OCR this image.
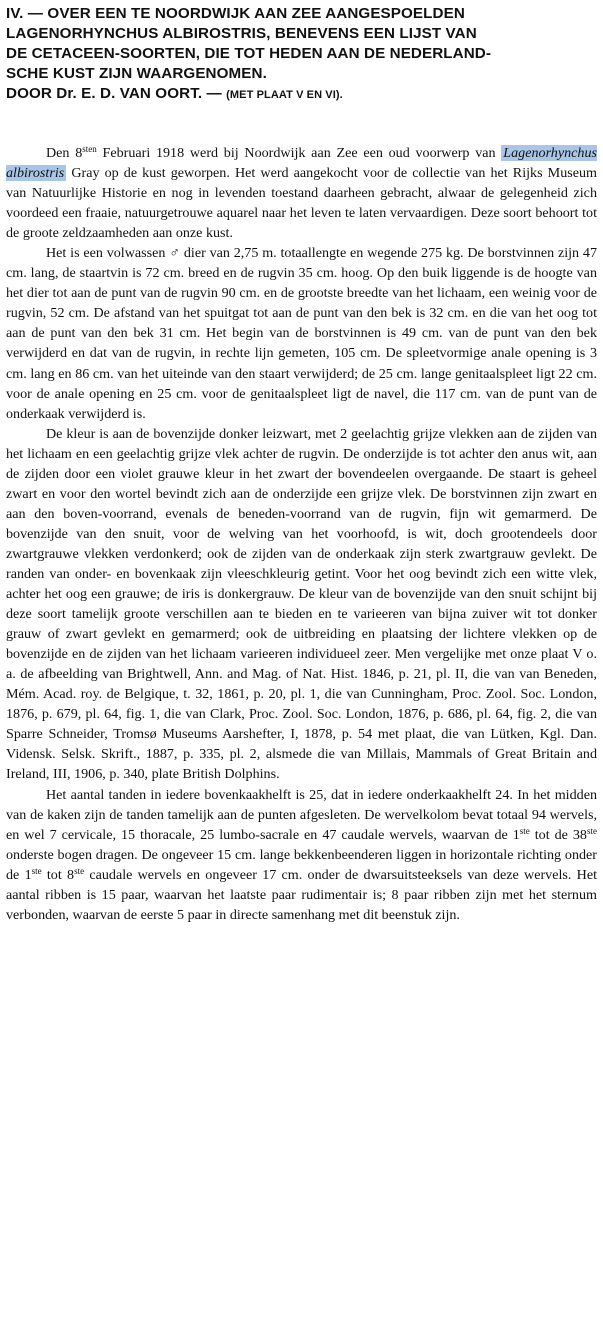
IV. — OVER EEN TE NOORDWIJK AAN ZEE AANGESPOELDEN
LAGENORHYNCHUS ALBIROSTRIS, BENEVENS EEN LIJST VAN
DE CETACEEN-SOORTEN, DIE TOT HEDEN AAN DE NEDERLAND-
SCHE KUST ZIJN WAARGENOMEN.
DOOR Dr. E. D. VAN OORT. — (MET PLAAT V EN VI).

Den $8^{sten}$ Februari 1918 werd bij Noordwijk aan Zee een oud voorwerp van Lagenorhynchus albirostris Gray op de kust geworpen. Het werd aangekocht voor de collectie van het Rijks Museum van Natuurlijke Historie en nog in levenden toestand daarheen gebracht, alwaar de gelegenheid zich voordeed een fraaie, natuurgetrouwe aquarel naar het leven te laten vervaardigen. Deze soort behoort tot de groote zeldzaamheden aan onze kust.

Het is een volwassen ♂ dier van 2,75 m. totaallengte en wegende 275 kg. De borstvinnen zijn 47 cm. lang, de staartvin is 72 cm. breed en de rugvin 35 cm. hoog. Op den buik liggende is de hoogte van het dier tot aan de punt van de rugvin 90 cm. en de grootste breedte van het lichaam, een weinig voor de rugvin, 52 cm. De afstand van het spuitgat tot aan de punt van den bek is 32 cm. en die van het oog tot aan de punt van den bek 31 cm. Het begin van de borstvinnen is 49 cm. van de punt van den bek verwijderd en dat van de rugvin, in rechte lijn gemeten, 105 cm. De spleetvormige anale opening is 3 cm. lang en 86 cm. van het uiteinde van den staart verwijderd; de 25 cm. lange genitaalspleet ligt 22 cm. voor de anale opening en 25 cm. voor de genitaalspleet ligt de navel, die 117 cm. van de punt van de onderkaak verwijderd is.

De kleur is aan de bovenzijde donker leizwart, met 2 geelachtig grijze vlekken aan de zijden van het lichaam en een geelachtig grijze vlek achter de rugvin. De onderzijde is tot achter den anus wit, aan de zijden door een violet grauwe kleur in het zwart der bovendeelen overgaande. De staart is geheel zwart en voor den wortel bevindt zich aan de onderzijde een grijze vlek. De borstvinnen zijn zwart en aan den boven-voorrand, evenals de beneden-voorrand van de rugvin, fijn wit gemarmerd. De bovenzijde van den snuit, voor de welving van het voorhoofd, is wit, doch grootendeels door zwartgrauwe vlekken verdonkerd; ook de zijden van de onderkaak zijn sterk zwartgrauw gevlekt. De randen van onder- en bovenkaak zijn vleeschkleurig getint. Voor het oog bevindt zich een witte vlek, achter het oog een grauwe; de iris is donkergrauw. De kleur van de bovenzijde van den snuit schijnt bij deze soort tamelijk groote verschillen aan te bieden en te varieeren van bijna zuiver wit tot donker grauw of zwart gevlekt en gemarmerd; ook de uitbreiding en plaatsing der lichtere vlekken op de bovenzijde en de zijden van het lichaam varieeren individueel zeer. Men vergelijke met onze plaat V o. a. de afbeelding van Brightwell, Ann. and Mag. of Nat. Hist. 1846, p. 21, pl. II, die van van Beneden, Mém. Acad. roy. de Belgique, t. 32, 1861, p. 20, pl. 1, die van Cunningham, Proc. Zool. Soc. London, 1876, p. 679, pl. 64, fig. 1, die van Clark, Proc. Zool. Soc. London, 1876, p. 686, pl. 64, fig. 2, die van Sparre Schneider, Tromsø Museums Aarshefter, I, 1878, p. 54 met plaat, die van Lütken, Kgl. Dan. Vidensk. Selsk. Skrift., 1887, p. 335, pl. 2, alsmede die van Millais, Mammals of Great Britain and Ireland, III, 1906, p. 340, plate British Dolphins.

Het aantal tanden in iedere bovenkaakhelft is 25, dat in iedere onderkaakhelft 24. In het midden van de kaken zijn de tanden tamelijk aan de punten afgesleten. De wervelkolom bevat totaal 94 wervels, en wel 7 cervicale, 15 thoracale, 25 lumbo-sacrale en 47 caudale wervels, waarvan de 1ste tot de 38ste onderste bogen dragen. De ongeveer 15 cm. lange bekkenbeenderen liggen in horizontale richting onder de 1ste tot 8ste caudale wervels en ongeveer 17 cm. onder de dwarsuitsteeksels van deze wervels. Het aantal ribben is 15 paar, waarvan het laatste paar rudimentair is; 8 paar ribben zijn met het sternum verbonden, waarvan de eerste 5 paar in directe samenhang met dit beenstuk zijn.
